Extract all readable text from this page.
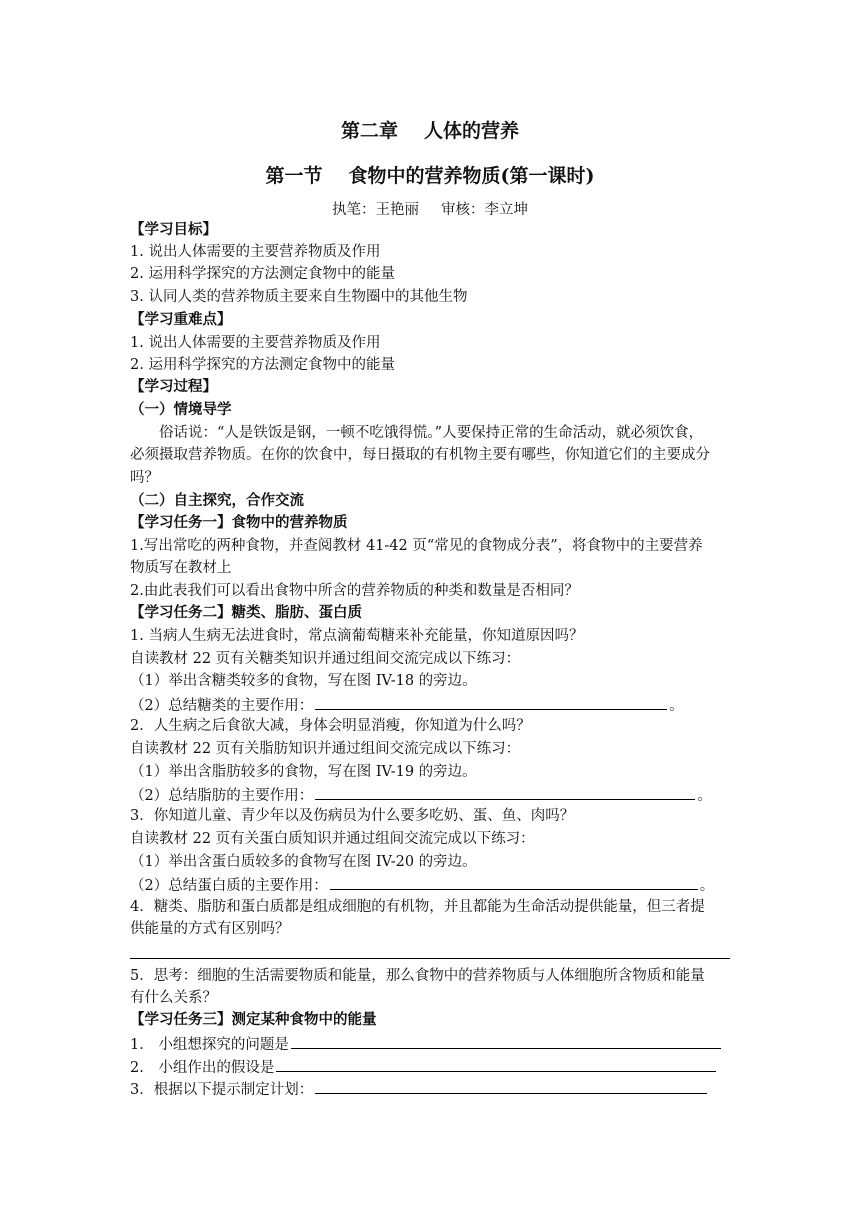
第二章 人体的营养
第一节 食物中的营养物质(第一课时)
执笔：王艳丽 审核：李立坤
【学习目标】
1. 说出人体需要的主要营养物质及作用
2. 运用科学探究的方法测定食物中的能量
3. 认同人类的营养物质主要来自生物圈中的其他生物
【学习重难点】
1. 说出人体需要的主要营养物质及作用
2. 运用科学探究的方法测定食物中的能量
【学习过程】
（一）情境导学
俗话说：“人是铁饭是钢，一顿不吃饿得慌。”人要保持正常的生命活动，就必须饮食，
必须摄取营养物质。在你的饮食中，每日摄取的有机物主要有哪些，你知道它们的主要成分
吗？
（二）自主探究，合作交流
【学习任务一】食物中的营养物质
1.写出常吃的两种食物，并查阅教材 41-42 页“常见的食物成分表”，将食物中的主要营养
物质写在教材上
2.由此表我们可以看出食物中所含的营养物质的种类和数量是否相同？
【学习任务二】糖类、脂肪、蛋白质
1. 当病人生病无法进食时，常点滴葡萄糖来补充能量，你知道原因吗？
自读教材 22 页有关糖类知识并通过组间交流完成以下练习：
（1）举出含糖类较多的食物，写在图 IV-18 的旁边。
（2）总结糖类的主要作用：	。
2．人生病之后食欲大减，身体会明显消瘦，你知道为什么吗？
自读教材 22 页有关脂肪知识并通过组间交流完成以下练习：
（1）举出含脂肪较多的食物，写在图 IV-19 的旁边。
（2）总结脂肪的主要作用：	。
3．你知道儿童、青少年以及伤病员为什么要多吃奶、蛋、鱼、肉吗？
自读教材 22 页有关蛋白质知识并通过组间交流完成以下练习：
（1）举出含蛋白质较多的食物写在图 IV-20 的旁边。
（2）总结蛋白质的主要作用：	。
4．糖类、脂肪和蛋白质都是组成细胞的有机物，并且都能为生命活动提供能量，但三者提
供能量的方式有区别吗？
5．思考：细胞的生活需要物质和能量，那么食物中的营养物质与人体细胞所含物质和能量
有什么关系？
【学习任务三】测定某种食物中的能量
1． 小组想探究的问题是
2． 小组作出的假设是
3．根据以下提示制定计划：
